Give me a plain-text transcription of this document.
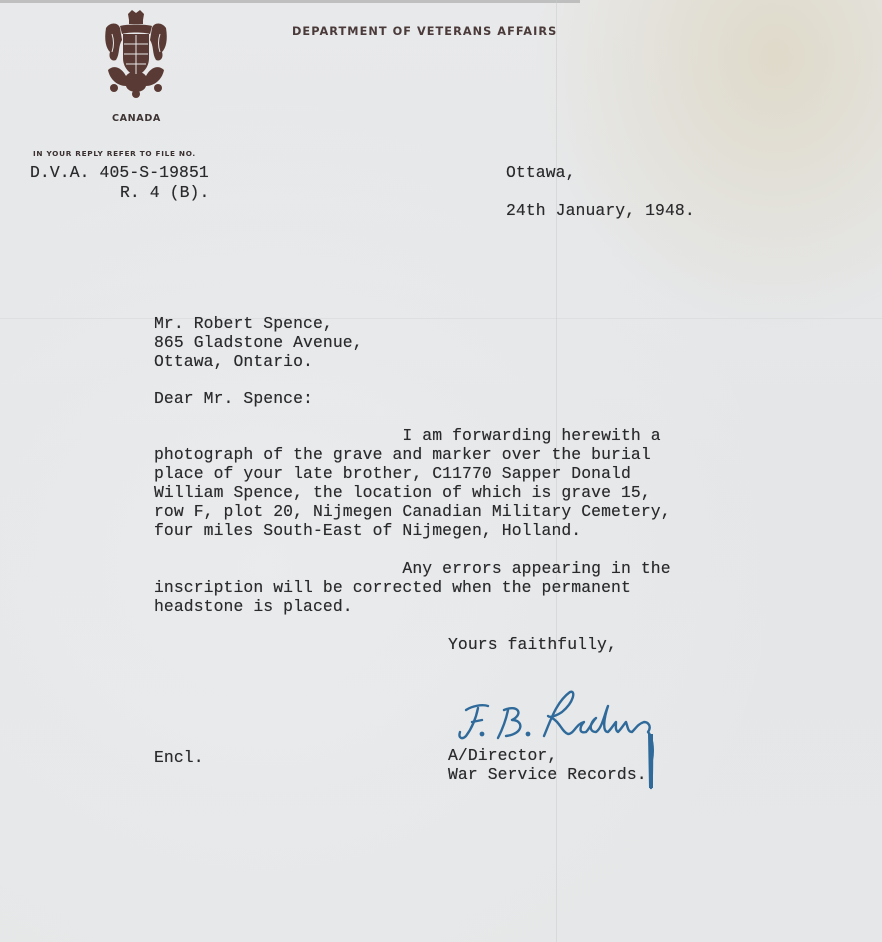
DEPARTMENT OF VETERANS AFFAIRS
CANADA
IN YOUR REPLY REFER TO FILE NO.
D.V.A. 405-S-19851
R. 4 (B).
Ottawa,
24th January, 1948.
Mr. Robert Spence,
865 Gladstone Avenue,
Ottawa, Ontario.
Dear Mr. Spence:
I am forwarding herewith a
photograph of the grave and marker over the burial
place of your late brother, C11770 Sapper Donald
William Spence, the location of which is grave 15,
row F, plot 20, Nijmegen Canadian Military Cemetery,
four miles South-East of Nijmegen, Holland.
Any errors appearing in the
inscription will be corrected when the permanent
headstone is placed.
Yours faithfully,
A/Director,
War Service Records.
Encl.
